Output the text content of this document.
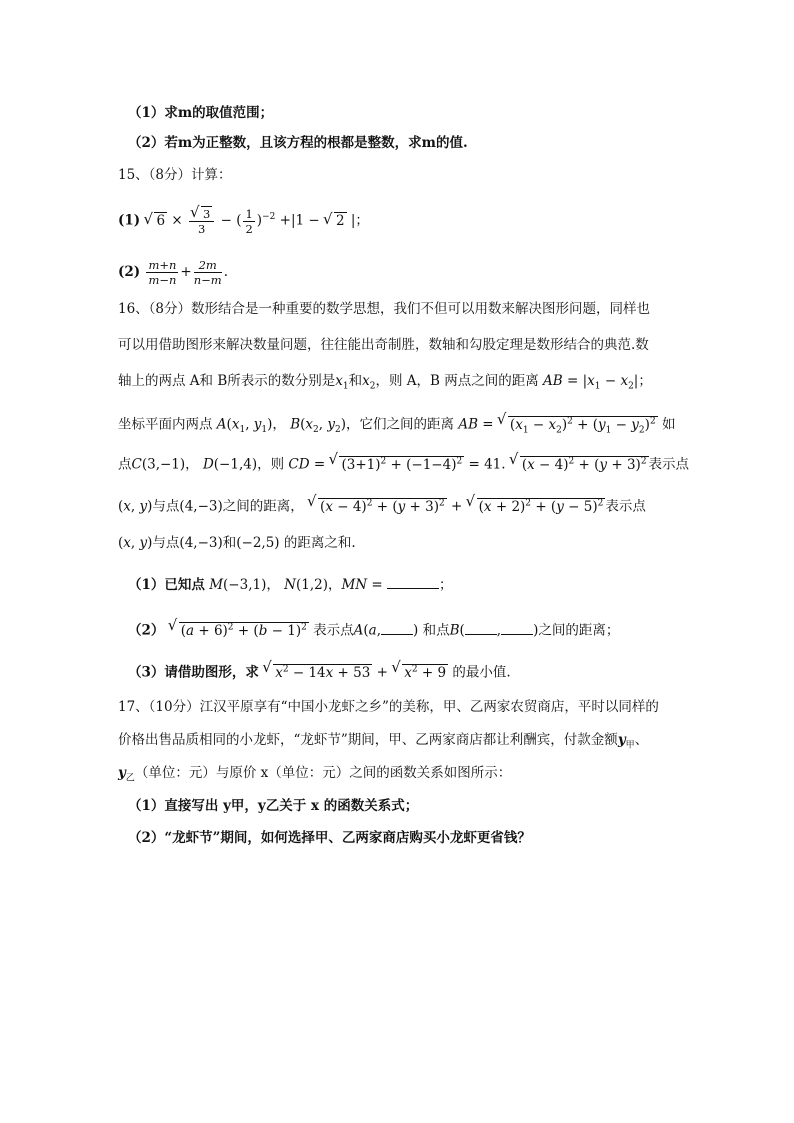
（1）求m的取值范围；
（2）若m为正整数，且该方程的根都是整数，求m的值.
15、（8分）计算：
(1) √ 6 × √ $\frac{3}{3}$ − ( $\frac{1}{2} )^{-2} +|1$ − √ 2 |；
$(2) \frac{m+n}{m-n} + \frac{2m}{n-m}$ .
16、（8分）数形结合是一种重要的数学思想，我们不但可以用数来解决图形问题，同样也
可以用借助图形来解决数量问题，往往能出奇制胜，数轴和勾股定理是数形结合的典范.数
轴上的两点 A和 B所表示的数分别是$x_1$和$x_2$，则 A，B 两点之间的距离 AB = $|x_1 - x_2|$；
坐标平面内两点 $A(x_1$, $y_1$)， $B(x_2$, $y_2$)，它们之间的距离 AB = √ $(x_1 - x_2)^2 + (y_1 - y_2)^2$ 如
点C(3,−1)， D(−1,4)，则 CD = √ $(3+1)^2 + (-1-4)^2 = 41$. √ $(x - 4)^2 + (y + 3)^2$ 表示点
(x, y)与点(4,−3)之间的距离， √ $(x - 4)^2 + (y + 3)^2$ + √ $(x + 2)^2 + (y - 5)^2$ 表示点
(x, y)与点(4,−3)和(−2,5) 的距离之和.
（1）已知点 M(−3,1)， N(1,2)，MN =	；
（2） √ $(a + 6)^2 + (b - 1)^2$ 表示点A(a, ) 和点B( , )之间的距离；
（3）请借助图形，求 √ $x^2 - 14x + 53$ + √ $x^2 + 9$ 的最小值.
17、（10分）江汉平原享有“中国小龙虾之乡”的美称，甲、乙两家农贸商店，平时以同样的
价格出售品质相同的小龙虾，“龙虾节”期间，甲、乙两家商店都让利酬宾，付款金额$y_甲$、
$y_乙$（单位：元）与原价 x（单位：元）之间的函数关系如图所示：
（1）直接写出 y甲，y乙关于 x 的函数关系式；
（2）“龙虾节”期间，如何选择甲、乙两家商店购买小龙虾更省钱？
